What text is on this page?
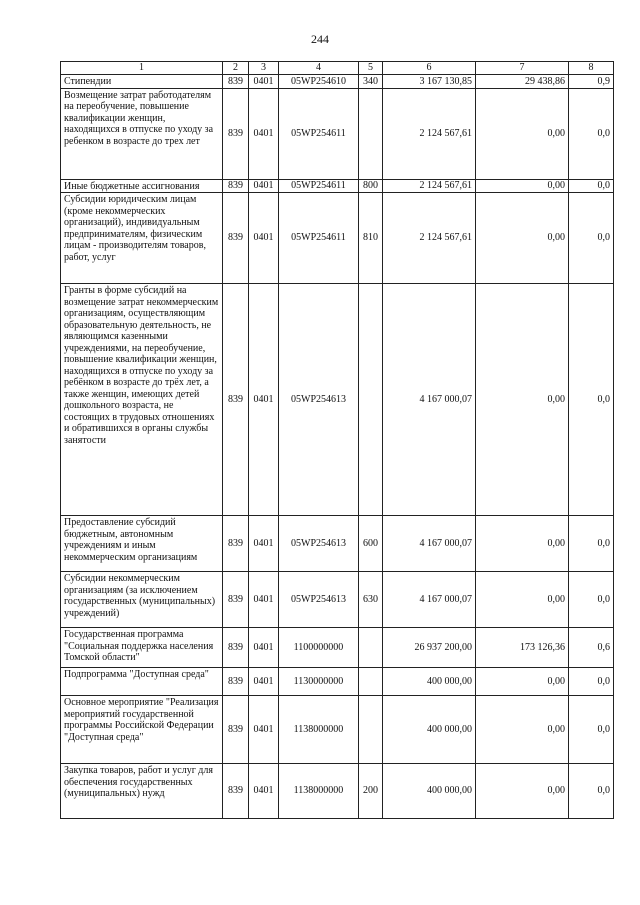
244
1	2	3	4	5	6	7	8
Стипендии	839	0401	05WP254610	340	3 167 130,85	29 438,86	0,9
Возмещение затрат работодателям на переобучение, повышение квалификации женщин, находящихся в отпуске по уходу за ребенком в возрасте до трех лет	839	0401	05WP254611		2 124 567,61	0,00	0,0
Иные бюджетные ассигнования	839	0401	05WP254611	800	2 124 567,61	0,00	0,0
Субсидии юридическим лицам (кроме некоммерческих организаций), индивидуальным предпринимателям, физическим лицам - производителям товаров, работ, услуг	839	0401	05WP254611	810	2 124 567,61	0,00	0,0
Гранты в форме субсидий на возмещение затрат некоммерческим организациям, осуществляющим образовательную деятельность, не являющимся казенными учреждениями, на переобучение, повышение квалификации женщин, находящихся в отпуске по уходу за ребёнком в возрасте до трёх лет, а также женщин, имеющих детей дошкольного возраста, не состоящих в трудовых отношениях и обратившихся в органы службы занятости	839	0401	05WP254613		4 167 000,07	0,00	0,0
Предоставление субсидий бюджетным, автономным учреждениям и иным некоммерческим организациям	839	0401	05WP254613	600	4 167 000,07	0,00	0,0
Субсидии некоммерческим организациям (за исключением государственных (муниципальных) учреждений)	839	0401	05WP254613	630	4 167 000,07	0,00	0,0
Государственная программа "Социальная поддержка населения Томской области"	839	0401	1100000000		26 937 200,00	173 126,36	0,6
Подпрограмма "Доступная среда"	839	0401	1130000000		400 000,00	0,00	0,0
Основное мероприятие "Реализация мероприятий государственной программы Российской Федерации "Доступная среда"	839	0401	1138000000		400 000,00	0,00	0,0
Закупка товаров, работ и услуг для обеспечения государственных (муниципальных) нужд	839	0401	1138000000	200	400 000,00	0,00	0,0
